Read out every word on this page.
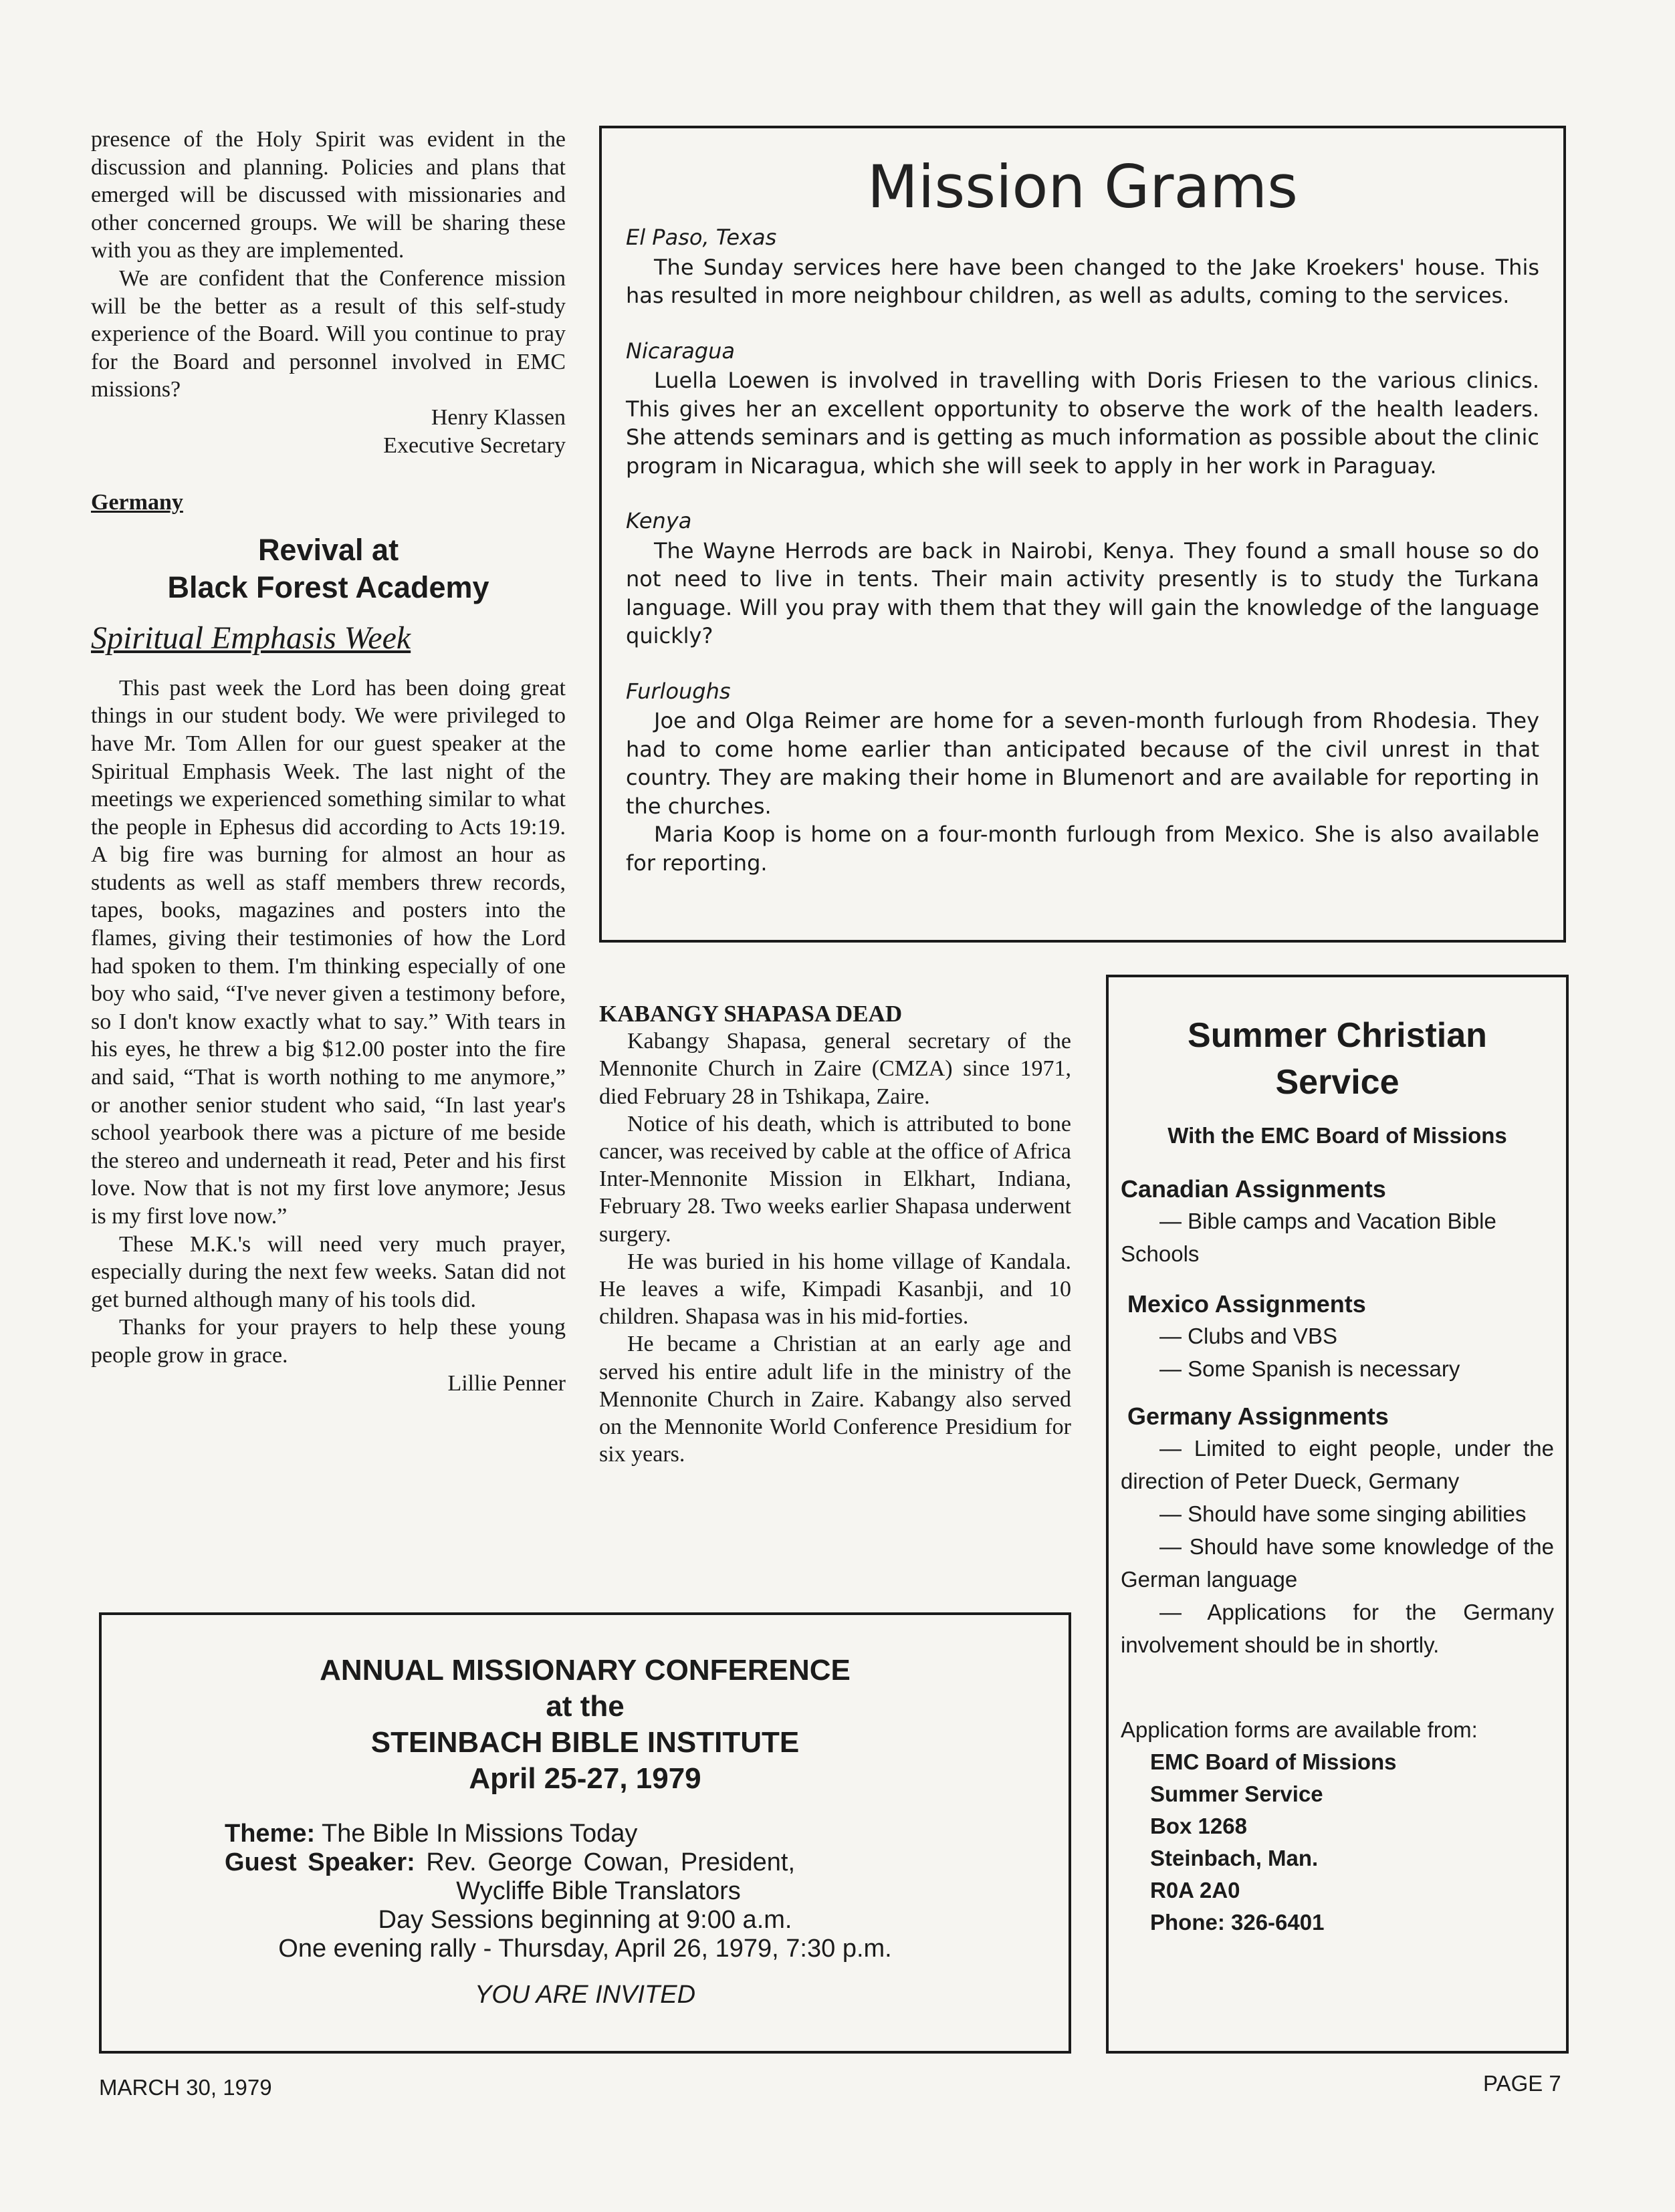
presence of the Holy Spirit was evident in the discussion and planning. Policies and plans that emerged will be discussed with missionaries and other concerned groups. We will be sharing these with you as they are implemented.

We are confident that the Conference mission will be the better as a result of this self-study experience of the Board. Will you continue to pray for the Board and personnel involved in EMC missions?

Henry Klassen

Executive Secretary

Germany

Revival at
Black Forest Academy

Spiritual Emphasis Week

This past week the Lord has been doing great things in our student body. We were privileged to have Mr. Tom Allen for our guest speaker at the Spiritual Emphasis Week. The last night of the meetings we experienced something similar to what the people in Ephesus did according to Acts 19:19. A big fire was burning for almost an hour as students as well as staff members threw records, tapes, books, magazines and posters into the flames, giving their testimonies of how the Lord had spoken to them. I'm thinking especially of one boy who said, “I've never given a testimony before, so I don't know exactly what to say.” With tears in his eyes, he threw a big $12.00 poster into the fire and said, “That is worth nothing to me anymore,” or another senior student who said, “In last year's school yearbook there was a picture of me beside the stereo and underneath it read, Peter and his first love. Now that is not my first love anymore; Jesus is my first love now.”

These M.K.'s will need very much prayer, especially during the next few weeks. Satan did not get burned although many of his tools did.

Thanks for your prayers to help these young people grow in grace.

Lillie Penner

Mission Grams
El Paso, Texas

The Sunday services here have been changed to the Jake Kroekers' house. This has resulted in more neighbour children, as well as adults, coming to the services.

Nicaragua

Luella Loewen is involved in travelling with Doris Friesen to the various clinics. This gives her an excellent opportunity to observe the work of the health leaders. She attends seminars and is getting as much information as possible about the clinic program in Nicaragua, which she will seek to apply in her work in Paraguay.

Kenya

The Wayne Herrods are back in Nairobi, Kenya. They found a small house so do not need to live in tents. Their main activity presently is to study the Turkana language. Will you pray with them that they will gain the knowledge of the language quickly?

Furloughs

Joe and Olga Reimer are home for a seven-month furlough from Rhodesia. They had to come home earlier than anticipated because of the civil unrest in that country. They are making their home in Blumenort and are available for reporting in the churches.

Maria Koop is home on a four-month furlough from Mexico. She is also available for reporting.

KABANGY SHAPASA DEAD

Kabangy Shapasa, general secretary of the Mennonite Church in Zaire (CMZA) since 1971, died February 28 in Tshikapa, Zaire.

Notice of his death, which is attributed to bone cancer, was received by cable at the office of Africa Inter-Mennonite Mission in Elkhart, Indiana, February 28. Two weeks earlier Shapasa underwent surgery.

He was buried in his home village of Kandala. He leaves a wife, Kimpadi Kasanbji, and 10 children. Shapasa was in his mid-forties.

He became a Christian at an early age and served his entire adult life in the ministry of the Mennonite Church in Zaire. Kabangy also served on the Mennonite World Conference Presidium for six years.

ANNUAL MISSIONARY CONFERENCE
at the
STEINBACH BIBLE INSTITUTE
April 25-27, 1979
Theme: The Bible In Missions Today
Guest Speaker: Rev. George Cowan, President,
Wycliffe Bible Translators
Day Sessions beginning at 9:00 a.m.
One evening rally - Thursday, April 26, 1979, 7:30 p.m.
YOU ARE INVITED
Summer Christian
Service
With the EMC Board of Missions
Canadian Assignments

— Bible camps and Vacation Bible Schools

Mexico Assignments

— Clubs and VBS

— Some Spanish is necessary

Germany Assignments

— Limited to eight people, under the direction of Peter Dueck, Germany

— Should have some singing abilities

— Should have some knowledge of the German language

— Applications for the Germany involvement should be in shortly.

Application forms are available from:

EMC Board of Missions
Summer Service
Box 1268
Steinbach, Man.
R0A 2A0
Phone: 326-6401
MARCH 30, 1979	PAGE 7
